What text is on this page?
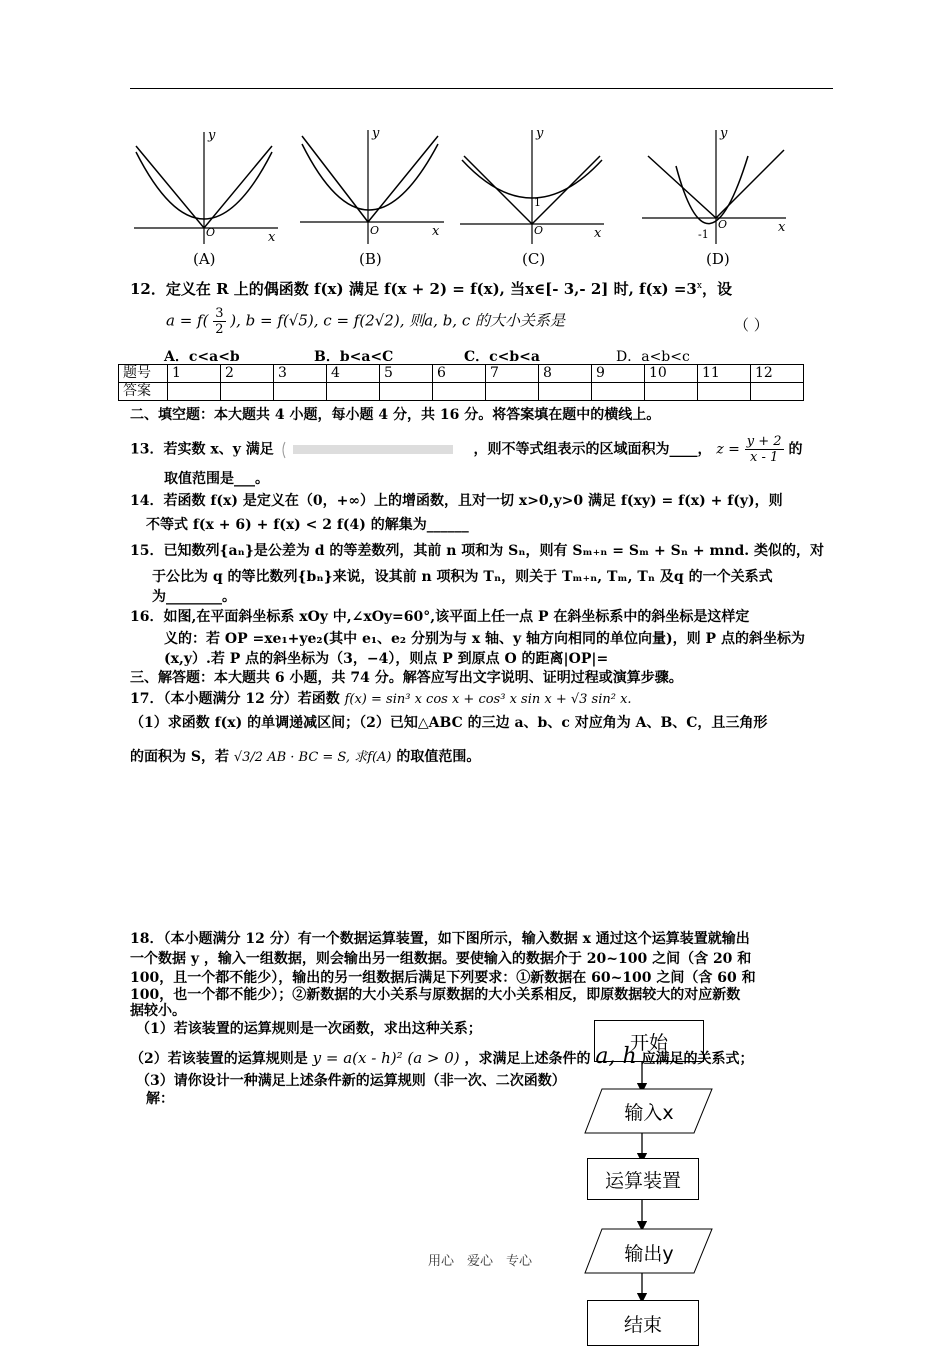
y
x
O
y
x
O
y
x
O
1
y
x
O
-1
(A)	(B)	(C)	(D)
12．定义在 R 上的偶函数 f(x) 满足 f(x + 2) = f(x), 当x∈[- 3,- 2] 时, $f(x) =3^x$，设
$a = f( \frac{3}{2}$ ), b = f(√5), c = f(2√2), 则a, b, c 的大小关系是	（ ）
A．c<a<b	B．b<a<C	C．c<b<a	D．a<b<c
题号	1	2	3	4	5	6	7	8	9	10	11	12
答案												
二、填空题：本大题共 4 小题，每小题 4 分，共 16 分。将答案填在题中的横线上。
13．若实数 x、y 满足	，则不等式组表示的区域面积为____， $z = \frac{y + 2}{x - 1}$ 的
取值范围是___。
14．若函数 f(x) 是定义在（0，+∞）上的增函数，且对一切 x>0,y>0 满足 f(xy) = f(x) + f(y)，则
不等式 f(x + 6) + f(x) < 2 f(4) 的解集为______
15．已知数列{aₙ}是公差为 d 的等差数列，其前 n 项和为 Sₙ，则有 Sₘ₊ₙ = Sₘ + Sₙ + mnd. 类似的，对
于公比为 q 的等比数列{bₙ}来说，设其前 n 项积为 Tₙ，则关于 Tₘ₊ₙ, Tₘ, Tₙ 及q 的一个关系式
为________。
16．如图,在平面斜坐标系 xOy 中,∠xOy=60°,该平面上任一点 P 在斜坐标系中的斜坐标是这样定
义的：若 OP =xe₁+ye₂(其中 e₁、e₂ 分别为与 x 轴、y 轴方向相同的单位向量)，则 P 点的斜坐标为
(x,y）.若 P 点的斜坐标为（3，−4），则点 P 到原点 O 的距离|OP|=
三、解答题：本大题共 6 小题，共 74 分。解答应写出文字说明、证明过程或演算步骤。
17．（本小题满分 12 分）若函数 f(x) = sin³ x cos x + cos³ x sin x + √3 sin² x.
（1）求函数 f(x) 的单调递减区间；（2）已知△ABC 的三边 a、b、c 对应角为 A、B、C，且三角形
的面积为 S，若 √3/2 AB · BC = S, 求f(A) 的取值范围。
18．（本小题满分 12 分）有一个数据运算装置，如下图所示，输入数据 x 通过这个运算装置就输出
一个数据 y ，输入一组数据，则会输出另一组数据。要使输入的数据介于 20~100 之间（含 20 和
100，且一个都不能少），输出的另一组数据后满足下列要求：①新数据在 60~100 之间（含 60 和
100，也一个都不能少）；②新数据的大小关系与原数据的大小关系相反，即原数据较大的对应新数
据较小。
（1）若该装置的运算规则是一次函数，求出这种关系；
开始
输入x
运算装置
输出y
结束
（2）若该装置的运算规则是 y = a(x - h)² (a > 0) ，求满足上述条件的 a, h 应满足的关系式；
（3）请你设计一种满足上述条件新的运算规则（非一次、二次函数）
解：
用心　爱心　专心
